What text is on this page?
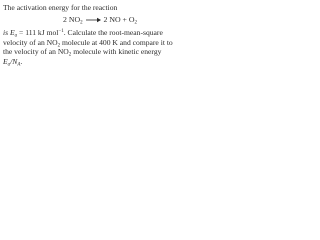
The activation energy for the reaction
2 $NO_2 \to 2$ NO + $O_2$
is $E_a = 111$ kJ mol$^{-1}$. Calculate the root-mean-square
velocity of an $NO_2$ molecule at 400 K and compare it to
the velocity of an $NO_2$ molecule with kinetic energy
$E_a/N_A$.
